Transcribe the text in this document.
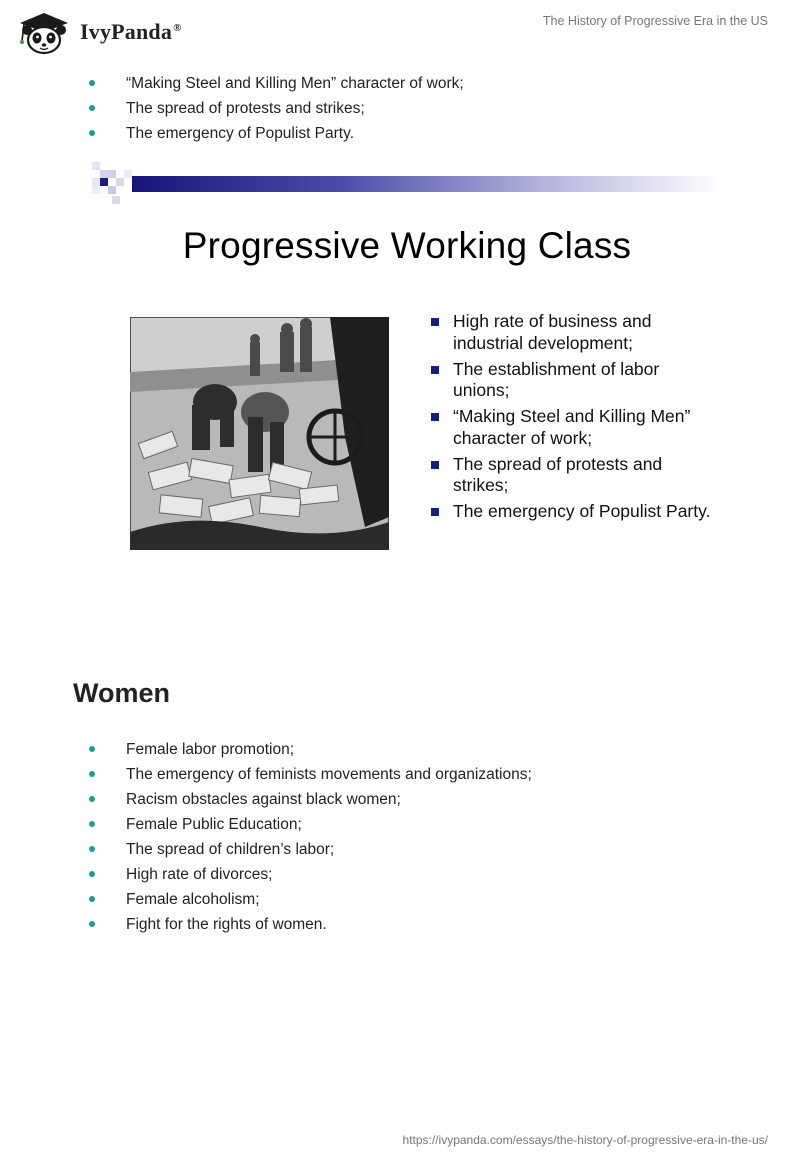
IvyPanda®	The History of Progressive Era in the US
“Making Steel and Killing Men” character of work;
The spread of protests and strikes;
The emergency of Populist Party.
Progressive Working Class
High rate of business and industrial development;
The establishment of labor unions;
“Making Steel and Killing Men” character of work;
The spread of protests and strikes;
The emergency of Populist Party.
Women
Female labor promotion;
The emergency of feminists movements and organizations;
Racism obstacles against black women;
Female Public Education;
The spread of children’s labor;
High rate of divorces;
Female alcoholism;
Fight for the rights of women.
https://ivypanda.com/essays/the-history-of-progressive-era-in-the-us/
